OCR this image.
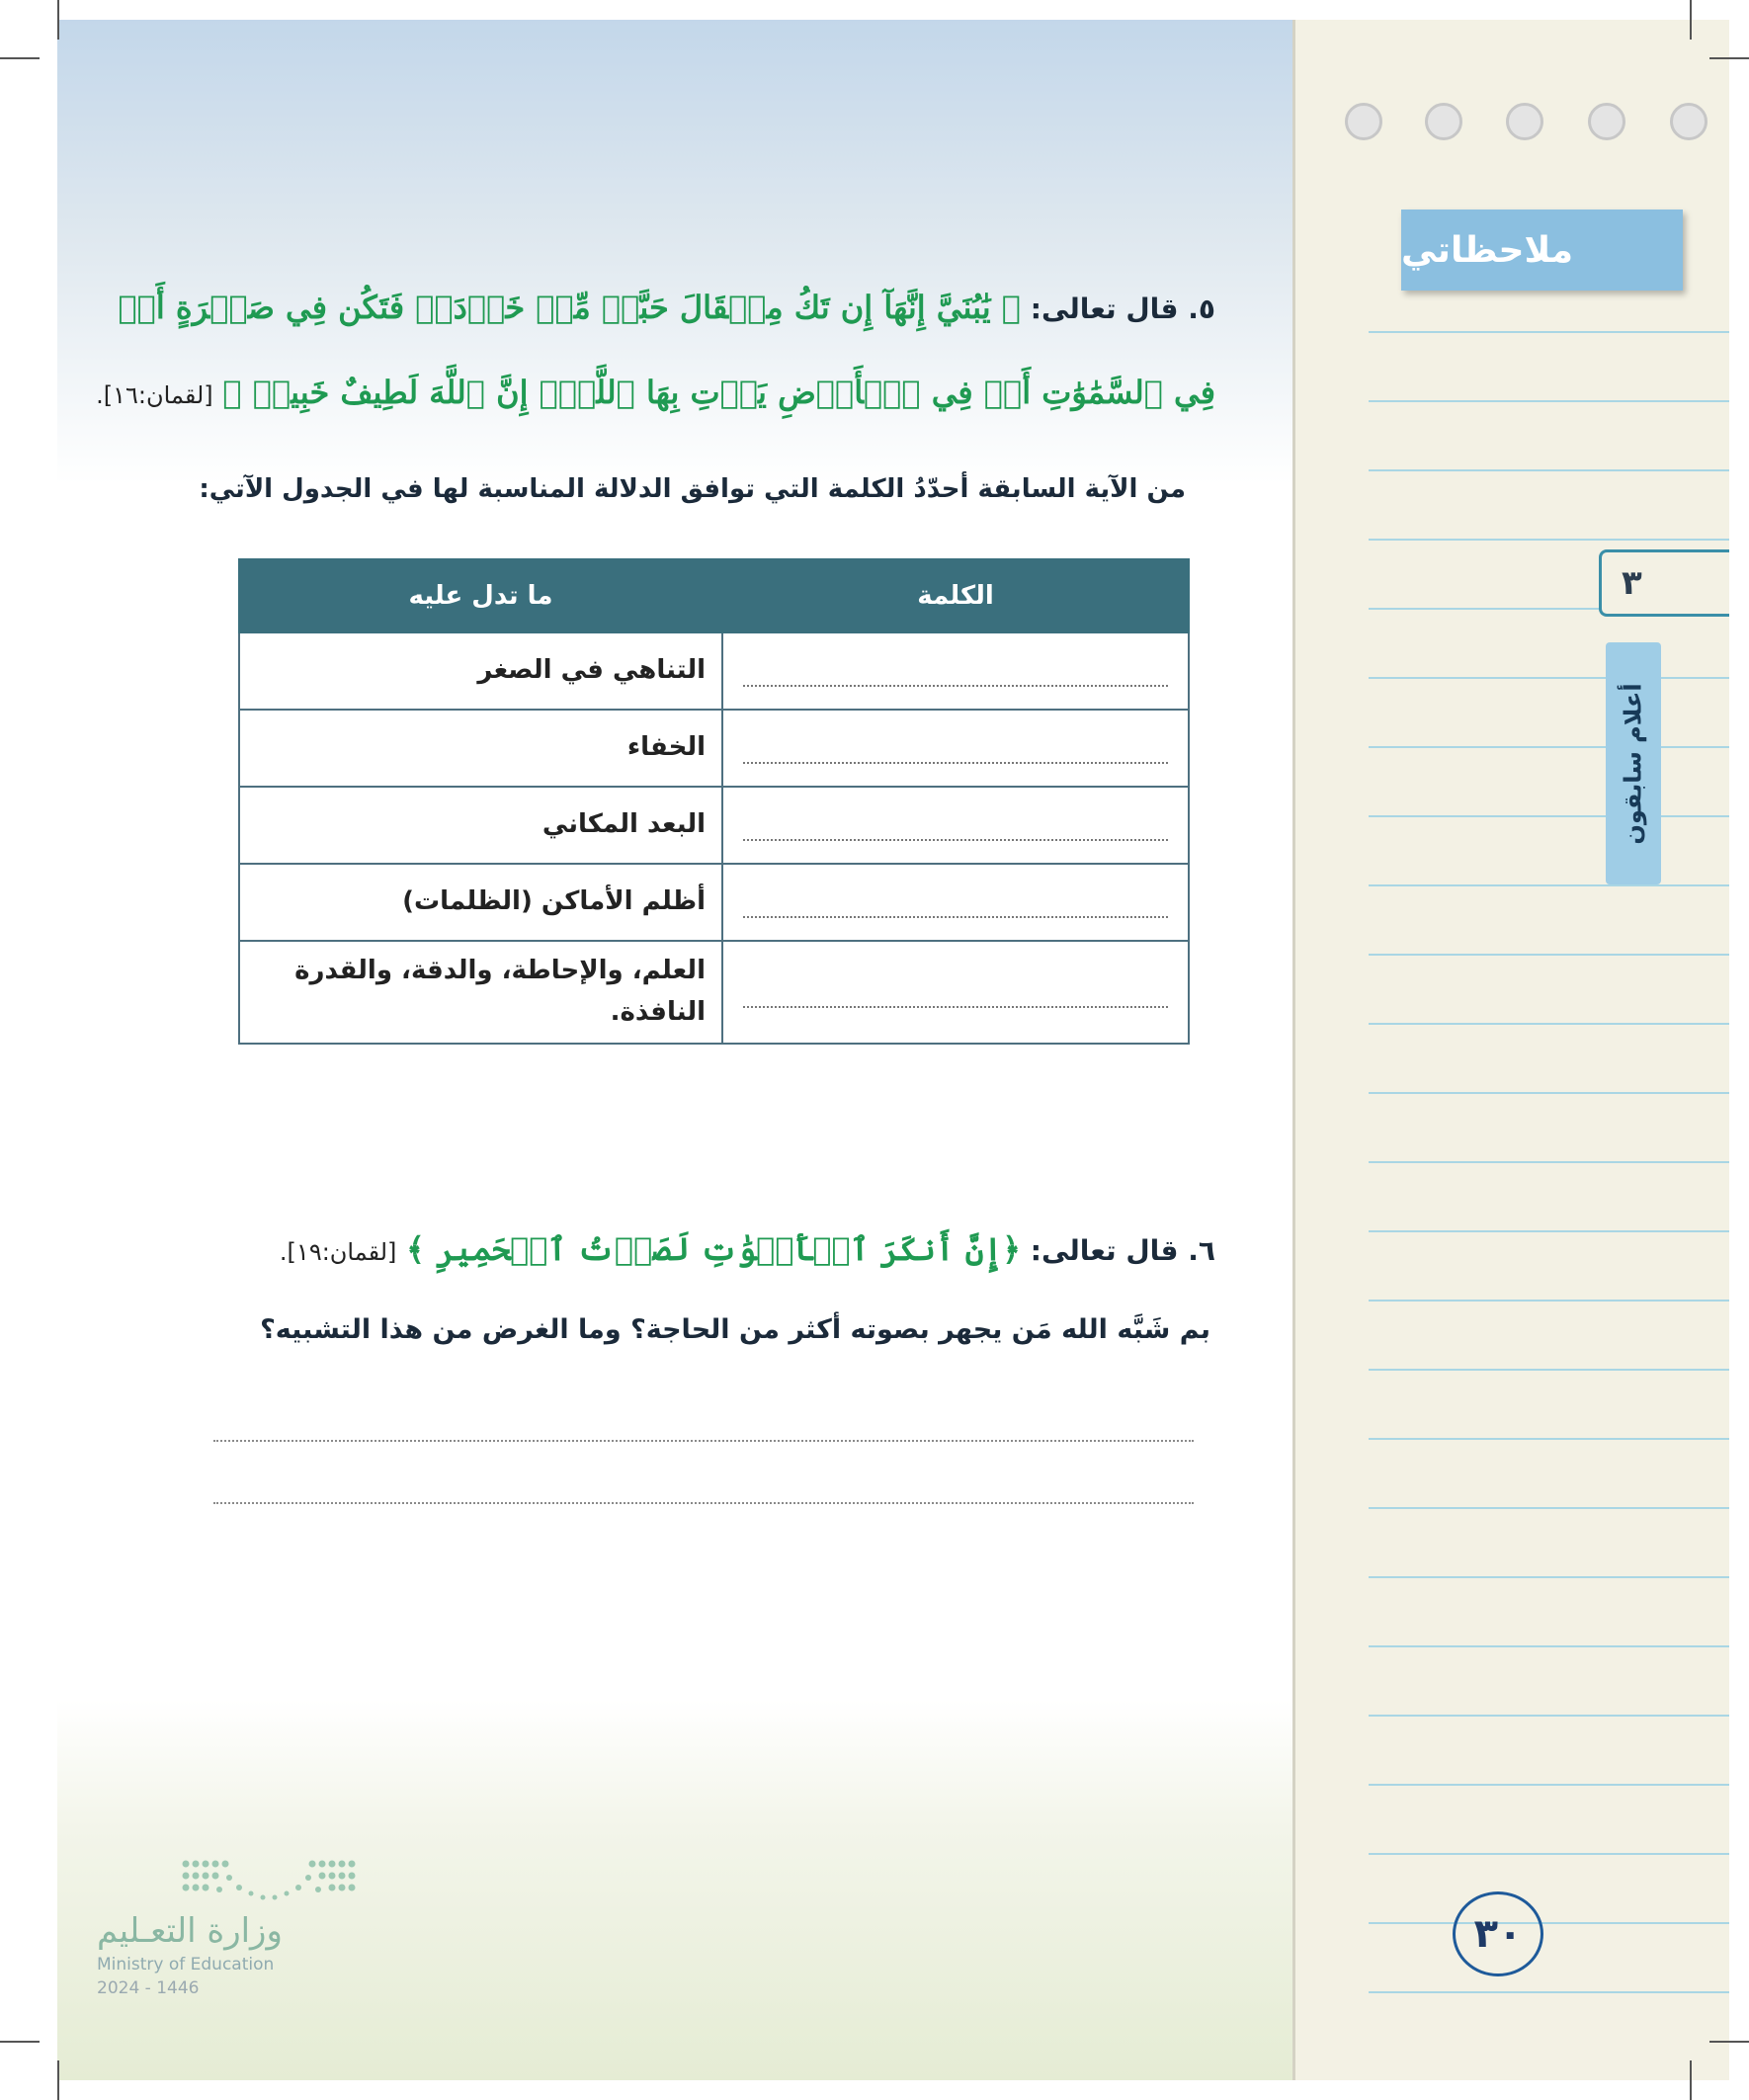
ملاحظاتي
٣
أعلام سابقون
٣٠
٥. قال تعالى: ﴿ يَٰبُنَيَّ إِنَّهَآ إِن تَكُ مِثۡقَالَ حَبَّةٖ مِّنۡ خَرۡدَلٖ فَتَكُن فِي صَخۡرَةٍ أَوۡ
فِي ٱلسَّمَٰوَٰتِ أَوۡ فِي ٱلۡأَرۡضِ يَأۡتِ بِهَا ٱللَّهُۚ إِنَّ ٱللَّهَ لَطِيفٌ خَبِيرٞ ﴾ [لقمان:١٦].
من الآية السابقة أحدّدُ الكلمة التي توافق الدلالة المناسبة لها في الجدول الآتي:
الكلمة	ما تدل عليه

	التناهي في الصغر

	الخفاء

	البعد المكاني

	أظلم الأماكن (الظلمات)

	العلم، والإحاطة، والدقة، والقدرة النافذة.
٦. قال تعالى: ﴿إِنَّ أَنكَرَ ٱلۡأَصۡوَٰتِ لَصَوۡتُ ٱلۡحَمِيرِ ﴾ [لقمان:١٩].
بم شَبَّه الله مَن يجهر بصوته أكثر من الحاجة؟ وما الغرض من هذا التشبيه؟
وزارة التعـليم
Ministry of Education
2024 - 1446
